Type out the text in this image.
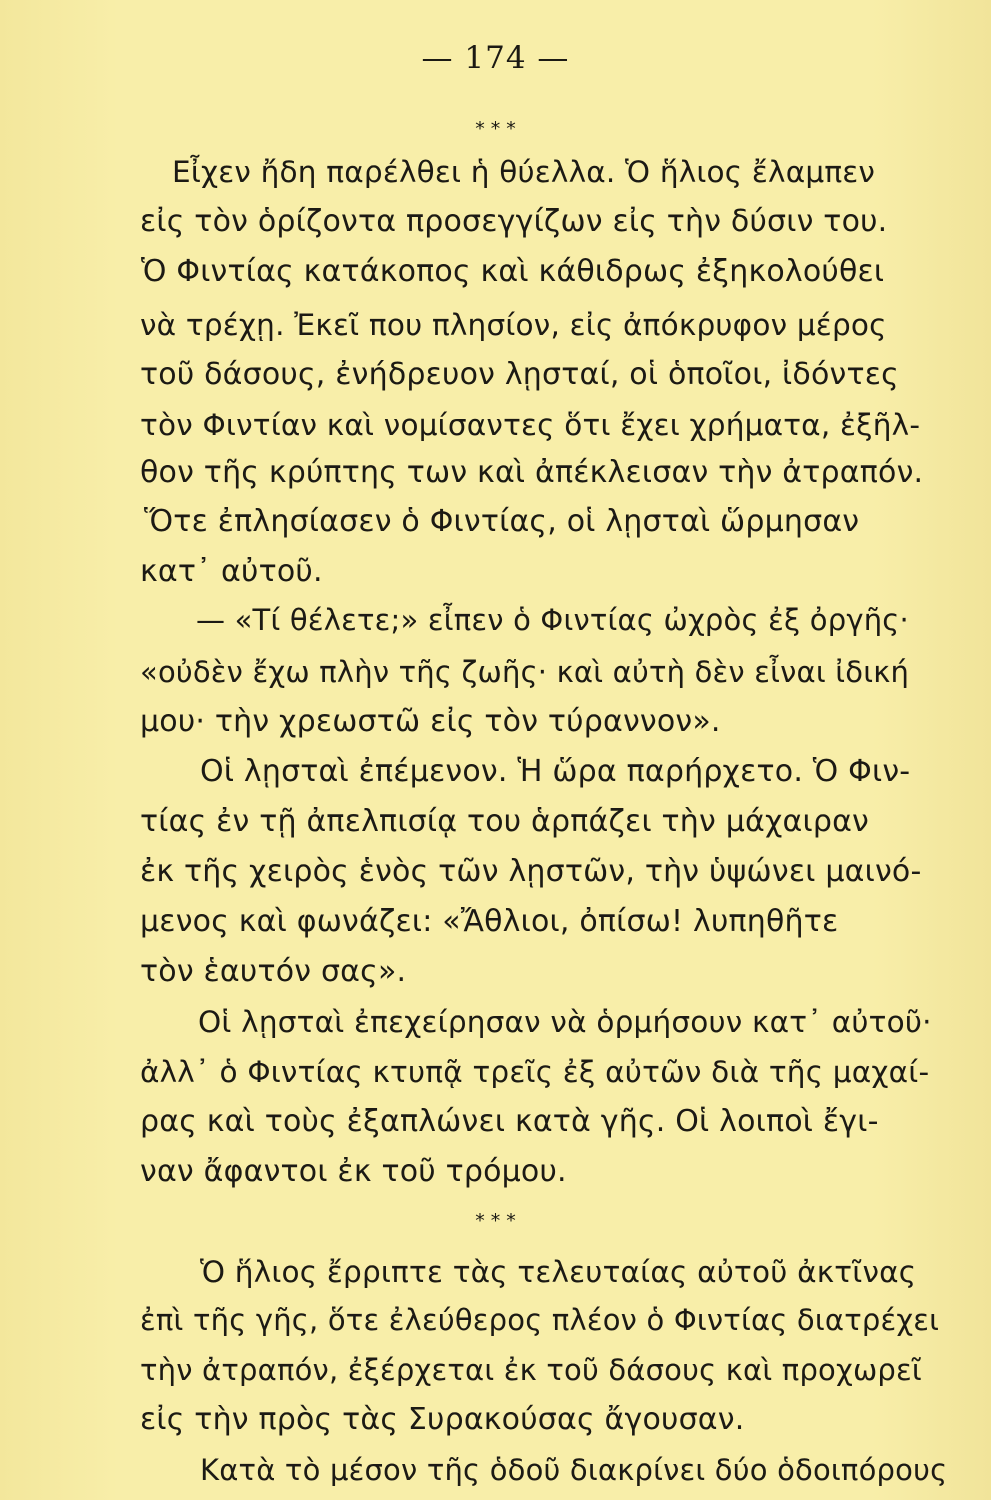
— 174 —
* * *
Εἶχεν ἤδη παρέλθει ἡ θύελλα. Ὁ ἥλιος ἔλαμπεν
εἰς τὸν ὁρίζοντα προσεγγίζων εἰς τὴν δύσιν του.
Ὁ Φιντίας κατάκοπος καὶ κάθιδρως ἐξηκολούθει
νὰ τρέχῃ. Ἐκεῖ που πλησίον, εἰς ἀπόκρυφον μέρος
τοῦ δάσους, ἐνήδρευον λῃσταί, οἱ ὁποῖοι, ἰδόντες
τὸν Φιντίαν καὶ νομίσαντες ὅτι ἔχει χρήματα, ἐξῆλ-
θον τῆς κρύπτης των καὶ ἀπέκλεισαν τὴν ἀτραπόν.
Ὅτε ἐπλησίασεν ὁ Φιντίας, οἱ λῃσταὶ ὥρμησαν
κατ᾿ αὐτοῦ.
— «Τί θέλετε;» εἶπεν ὁ Φιντίας ὠχρὸς ἐξ ὀργῆς·
«οὐδὲν ἔχω πλὴν τῆς ζωῆς· καὶ αὐτὴ δὲν εἶναι ἰδική
μου· τὴν χρεωστῶ εἰς τὸν τύραννον».
Οἱ λῃσταὶ ἐπέμενον. Ἡ ὥρα παρήρχετο. Ὁ Φιν-
τίας ἐν τῇ ἀπελπισίᾳ του ἁρπάζει τὴν μάχαιραν
ἐκ τῆς χειρὸς ἑνὸς τῶν λῃστῶν, τὴν ὑψώνει μαινό-
μενος καὶ φωνάζει: «Ἄθλιοι, ὀπίσω! λυπηθῆτε
τὸν ἑαυτόν σας».
Οἱ λῃσταὶ ἐπεχείρησαν νὰ ὁρμήσουν κατ᾿ αὐτοῦ·
ἀλλ᾿ ὁ Φιντίας κτυπᾷ τρεῖς ἐξ αὐτῶν διὰ τῆς μαχαί-
ρας καὶ τοὺς ἐξαπλώνει κατὰ γῆς. Οἱ λοιποὶ ἔγι-
ναν ἄφαντοι ἐκ τοῦ τρόμου.
* * *
Ὁ ἥλιος ἔρριπτε τὰς τελευταίας αὐτοῦ ἀκτῖνας
ἐπὶ τῆς γῆς, ὅτε ἐλεύθερος πλέον ὁ Φιντίας διατρέχει
τὴν ἀτραπόν, ἐξέρχεται ἐκ τοῦ δάσους καὶ προχωρεῖ
εἰς τὴν πρὸς τὰς Συρακούσας ἄγουσαν.
Κατὰ τὸ μέσον τῆς ὁδοῦ διακρίνει δύο ὁδοιπόρους
